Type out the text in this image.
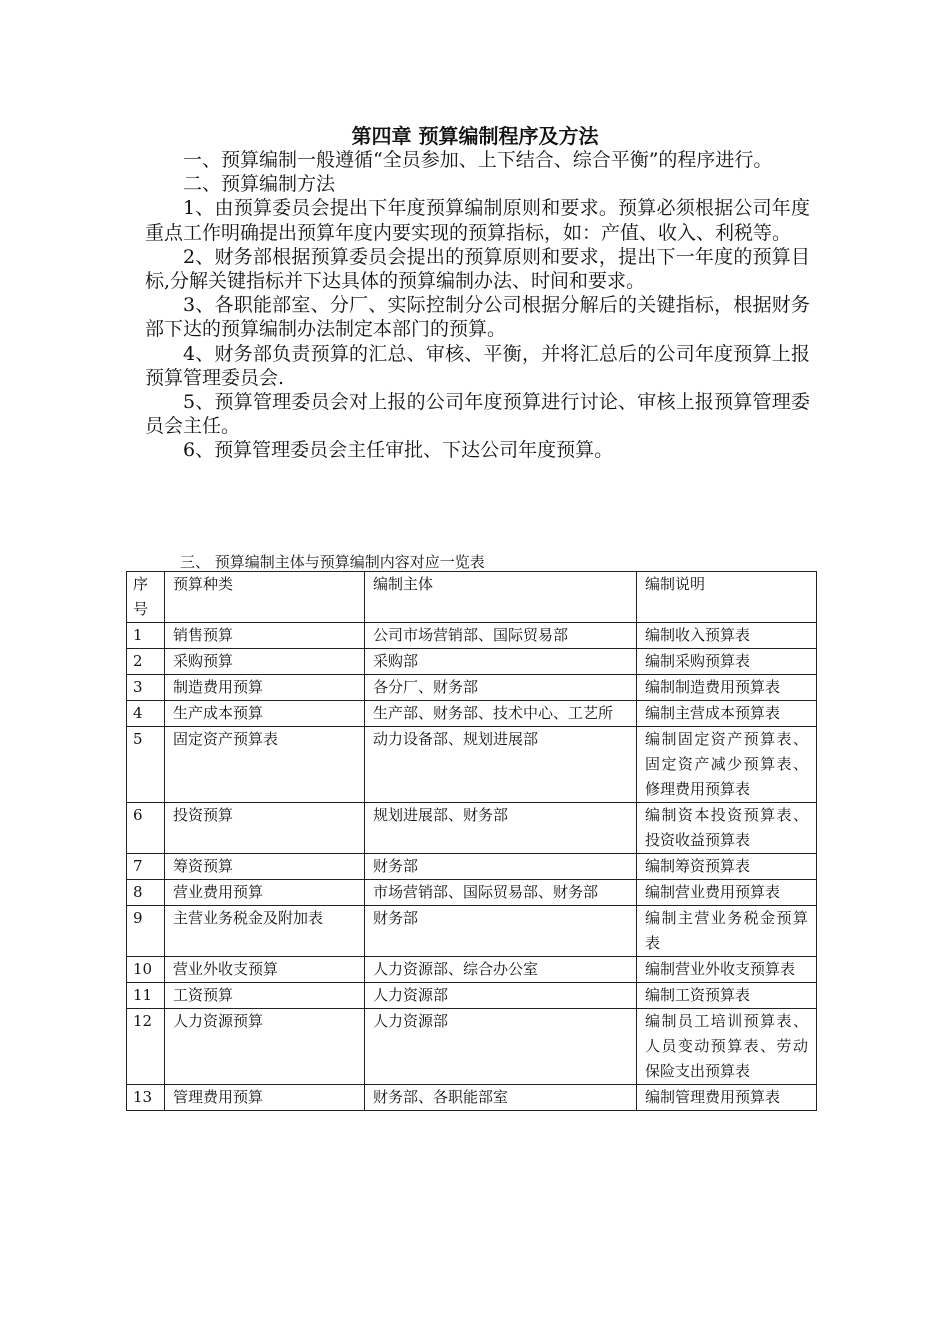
第四章 预算编制程序及方法

一、预算编制一般遵循“全员参加、上下结合、综合平衡”的程序进行。

二、预算编制方法

1、由预算委员会提出下年度预算编制原则和要求。预算必须根据公司年度重点工作明确提出预算年度内要实现的预算指标，如：产值、收入、利税等。

2、财务部根据预算委员会提出的预算原则和要求，提出下一年度的预算目标,分解关键指标并下达具体的预算编制办法、时间和要求。

3、各职能部室、分厂、实际控制分公司根据分解后的关键指标，根据财务部下达的预算编制办法制定本部门的预算。

4、财务部负责预算的汇总、审核、平衡，并将汇总后的公司年度预算上报预算管理委员会.

5、预算管理委员会对上报的公司年度预算进行讨论、审核上报预算管理委员会主任。

6、预算管理委员会主任审批、下达公司年度预算。

三、 预算编制主体与预算编制内容对应一览表
序号	预算种类	编制主体	编制说明
1	销售预算	公司市场营销部、国际贸易部	编制收入预算表
2	采购预算	采购部	编制采购预算表
3	制造费用预算	各分厂、财务部	编制制造费用预算表
4	生产成本预算	生产部、财务部、技术中心、工艺所	编制主营成本预算表
5	固定资产预算表	动力设备部、规划进展部	编制固定资产预算表、固定资产减少预算表、修理费用预算表
6	投资预算	规划进展部、财务部	编制资本投资预算表、投资收益预算表
7	筹资预算	财务部	编制筹资预算表
8	营业费用预算	市场营销部、国际贸易部、财务部	编制营业费用预算表
9	主营业务税金及附加表	财务部	编制主营业务税金预算表
10	营业外收支预算	人力资源部、综合办公室	编制营业外收支预算表
11	工资预算	人力资源部	编制工资预算表
12	人力资源预算	人力资源部	编制员工培训预算表、人员变动预算表、劳动保险支出预算表
13	管理费用预算	财务部、各职能部室	编制管理费用预算表
